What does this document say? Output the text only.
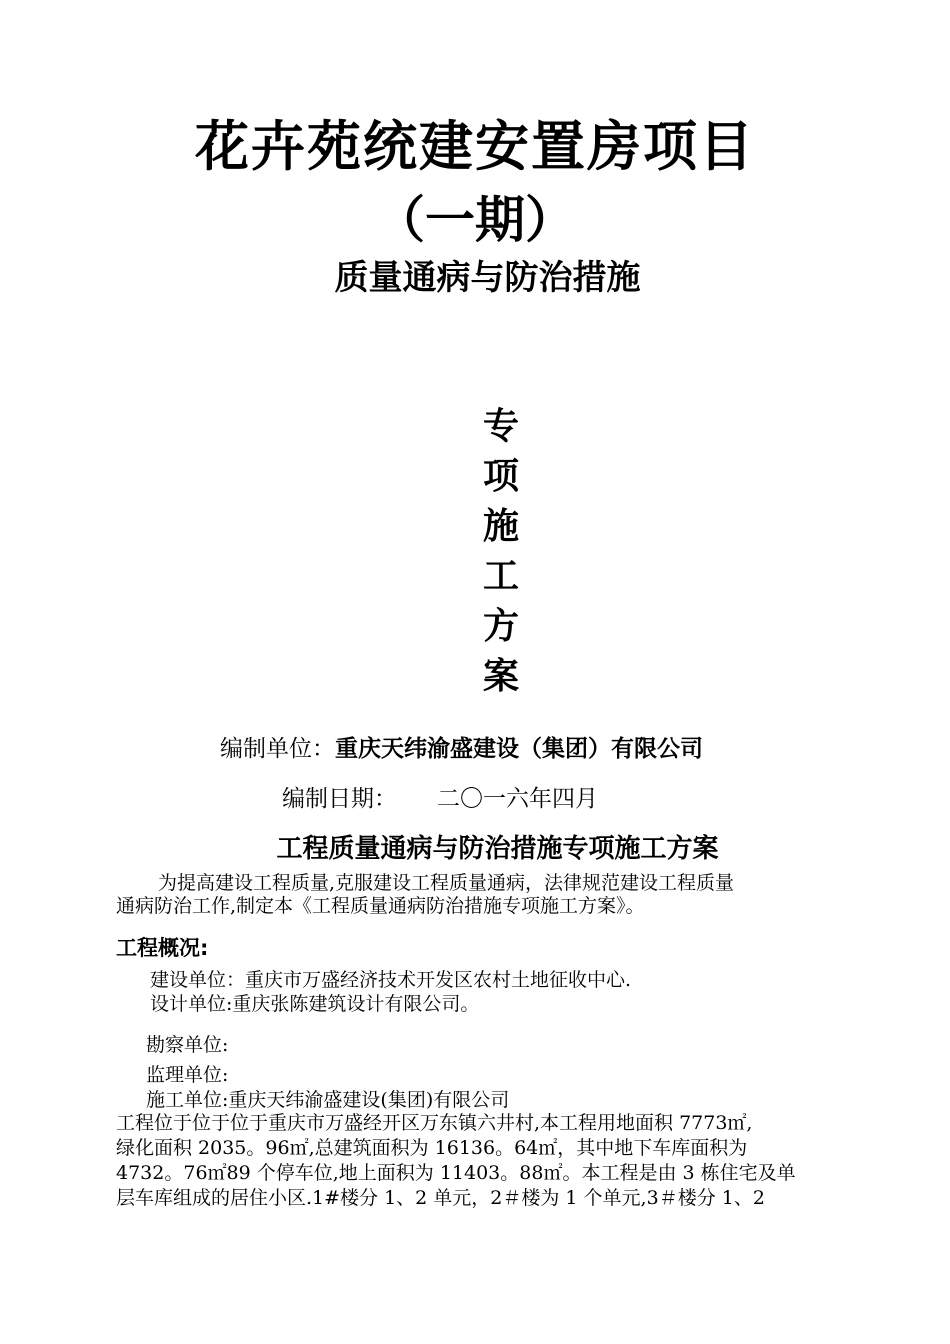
花卉苑统建安置房项目
（一期）
质量通病与防治措施
专
项
施
工
方
案
编制单位：重庆天纬渝盛建设（集团）有限公司
编制日期： 二〇一六年四月
工程质量通病与防治措施专项施工方案
为提高建设工程质量,克服建设工程质量通病，法律规范建设工程质量
通病防治工作,制定本《工程质量通病防治措施专项施工方案》。
工程概况:
建设单位：重庆市万盛经济技术开发区农村土地征收中心.
设计单位:重庆张陈建筑设计有限公司。
勘察单位:
监理单位:
施工单位:重庆天纬渝盛建设(集团)有限公司
工程位于位于位于重庆市万盛经开区万东镇六井村,本工程用地面积 7773㎡,
绿化面积 2035。96㎡,总建筑面积为 16136。64㎡，其中地下车库面积为
4732。76㎡89 个停车位,地上面积为 11403。88㎡。本工程是由 3 栋住宅及单
层车库组成的居住小区.1#楼分 1、2 单元，2＃楼为 1 个单元,3＃楼分 1、2
